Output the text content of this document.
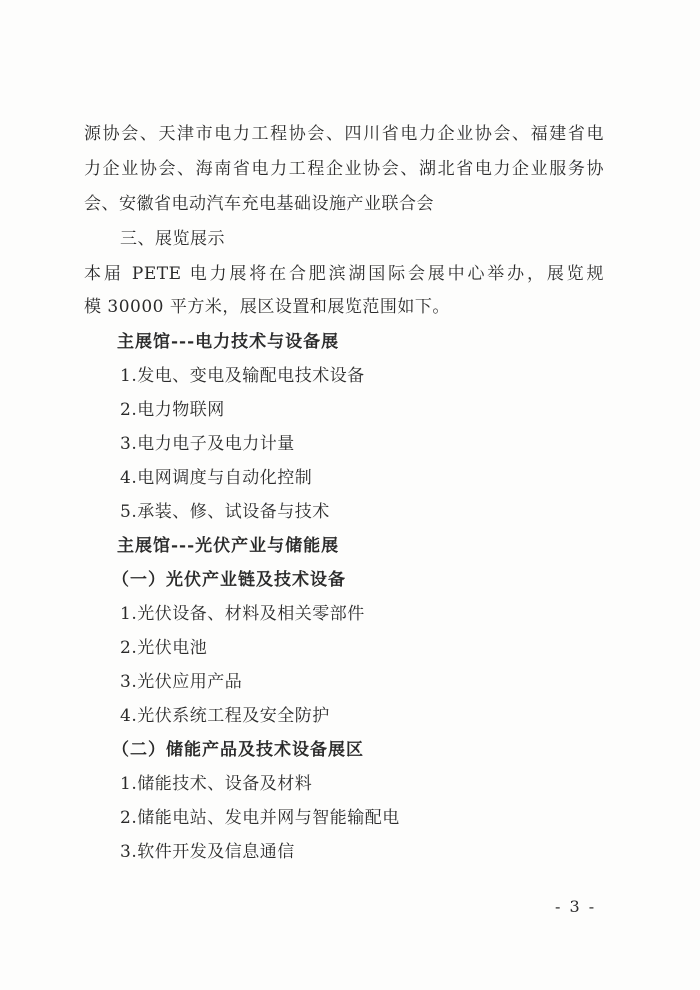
源协会、天津市电力工程协会、四川省电力企业协会、福建省电
力企业协会、海南省电力工程企业协会、湖北省电力企业服务协
会、安徽省电动汽车充电基础设施产业联合会
三、展览展示
本届 PETE 电力展将在合肥滨湖国际会展中心举办，展览规
模 30000 平方米，展区设置和展览范围如下。
主展馆---电力技术与设备展
1.发电、变电及输配电技术设备
2.电力物联网
3.电力电子及电力计量
4.电网调度与自动化控制
5.承装、修、试设备与技术
主展馆---光伏产业与储能展
（一）光伏产业链及技术设备
1.光伏设备、材料及相关零部件
2.光伏电池
3.光伏应用产品
4.光伏系统工程及安全防护
（二）储能产品及技术设备展区
1.储能技术、设备及材料
2.储能电站、发电并网与智能输配电
3.软件开发及信息通信
- 3 -
